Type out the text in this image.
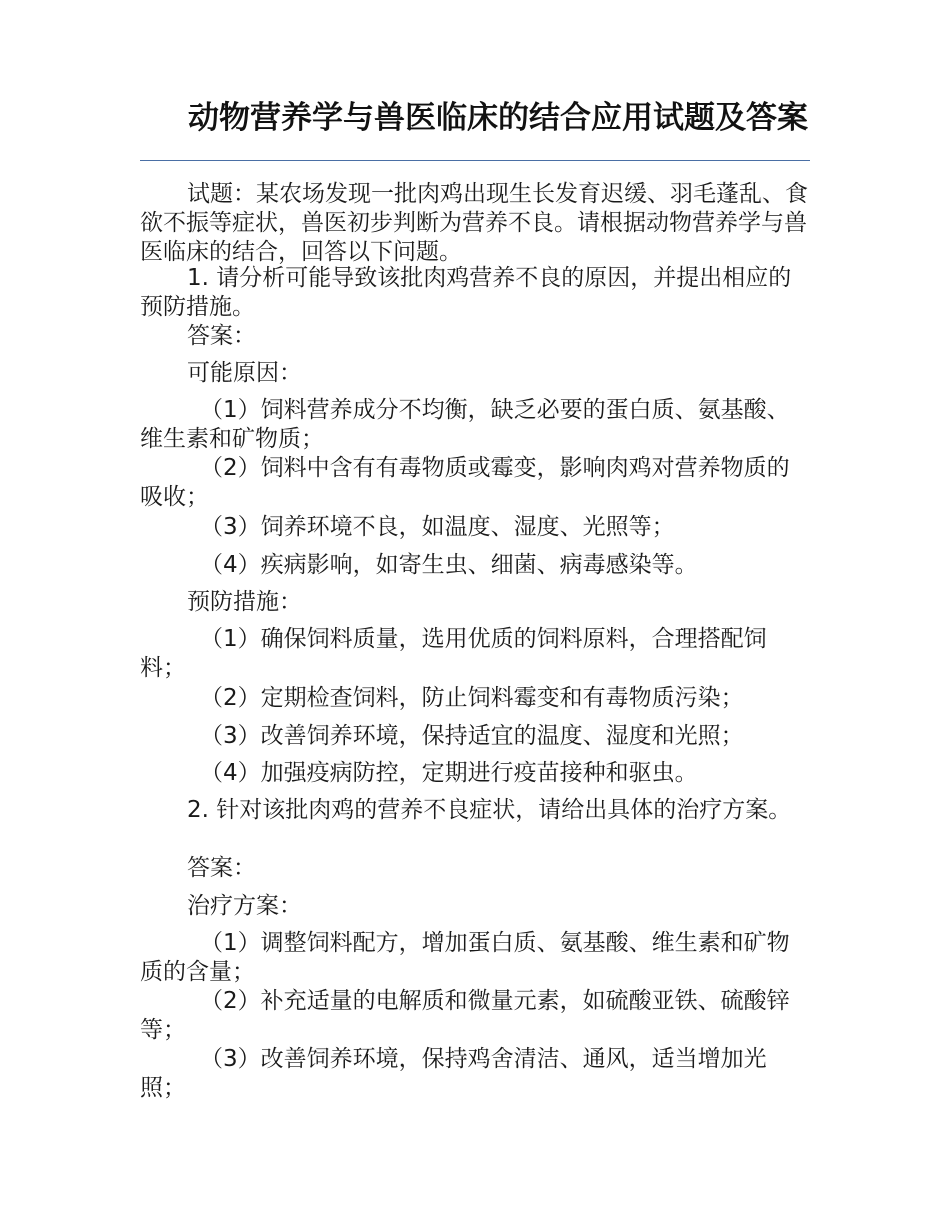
动物营养学与兽医临床的结合应用试题及答案
试题：某农场发现一批肉鸡出现生长发育迟缓、羽毛蓬乱、食欲不振等症状，兽医初步判断为营养不良。请根据动物营养学与兽医临床的结合，回答以下问题。
1. 请分析可能导致该批肉鸡营养不良的原因，并提出相应的预防措施。
答案：
可能原因：
（1）饲料营养成分不均衡，缺乏必要的蛋白质、氨基酸、维生素和矿物质；
（2）饲料中含有有毒物质或霉变，影响肉鸡对营养物质的吸收；
（3）饲养环境不良，如温度、湿度、光照等；
（4）疾病影响，如寄生虫、细菌、病毒感染等。
预防措施：
（1）确保饲料质量，选用优质的饲料原料，合理搭配饲料；
（2）定期检查饲料，防止饲料霉变和有毒物质污染；
（3）改善饲养环境，保持适宜的温度、湿度和光照；
（4）加强疫病防控，定期进行疫苗接种和驱虫。
2. 针对该批肉鸡的营养不良症状，请给出具体的治疗方案。
答案：
治疗方案：
（1）调整饲料配方，增加蛋白质、氨基酸、维生素和矿物质的含量；
（2）补充适量的电解质和微量元素，如硫酸亚铁、硫酸锌等；
（3）改善饲养环境，保持鸡舍清洁、通风，适当增加光照；
